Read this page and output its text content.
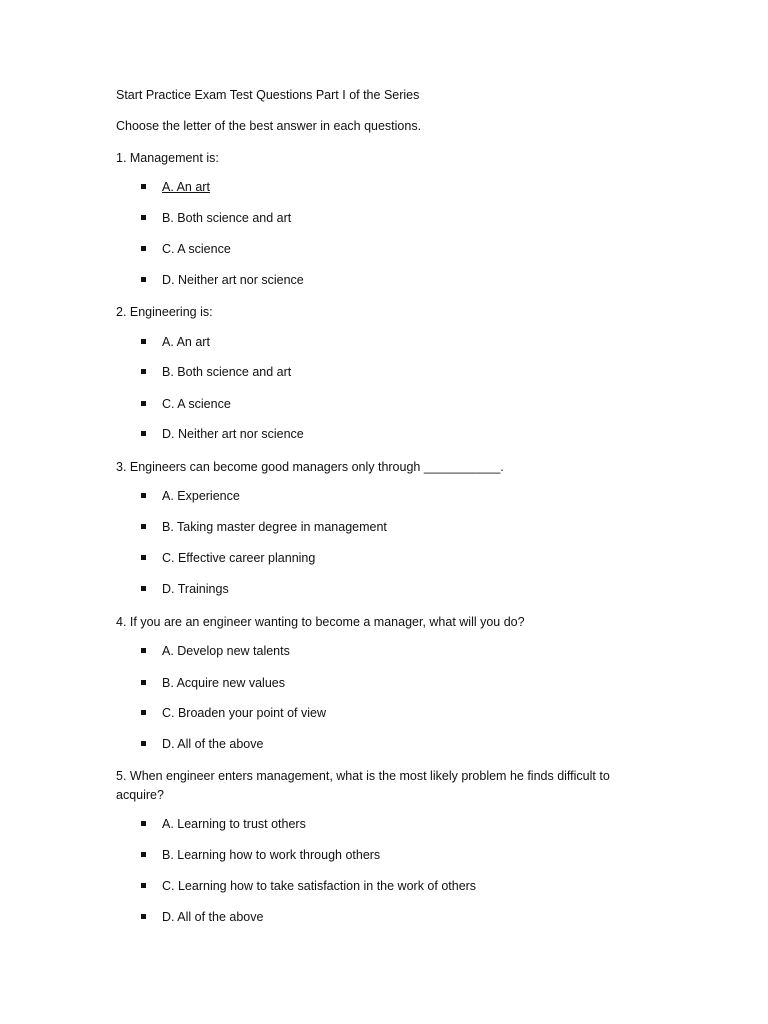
Start Practice Exam Test Questions Part I of the Series
Choose the letter of the best answer in each questions.
1. Management is:
A. An art
B. Both science and art
C. A science
D. Neither art nor science
2. Engineering is:
A. An art
B. Both science and art
C. A science
D. Neither art nor science
3. Engineers can become good managers only through ___________.
A. Experience
B. Taking master degree in management
C. Effective career planning
D. Trainings
4. If you are an engineer wanting to become a manager, what will you do?
A. Develop new talents
B. Acquire new values
C. Broaden your point of view
D. All of the above
5. When engineer enters management, what is the most likely problem he finds difficult to acquire?
A. Learning to trust others
B. Learning how to work through others
C. Learning how to take satisfaction in the work of others
D. All of the above
